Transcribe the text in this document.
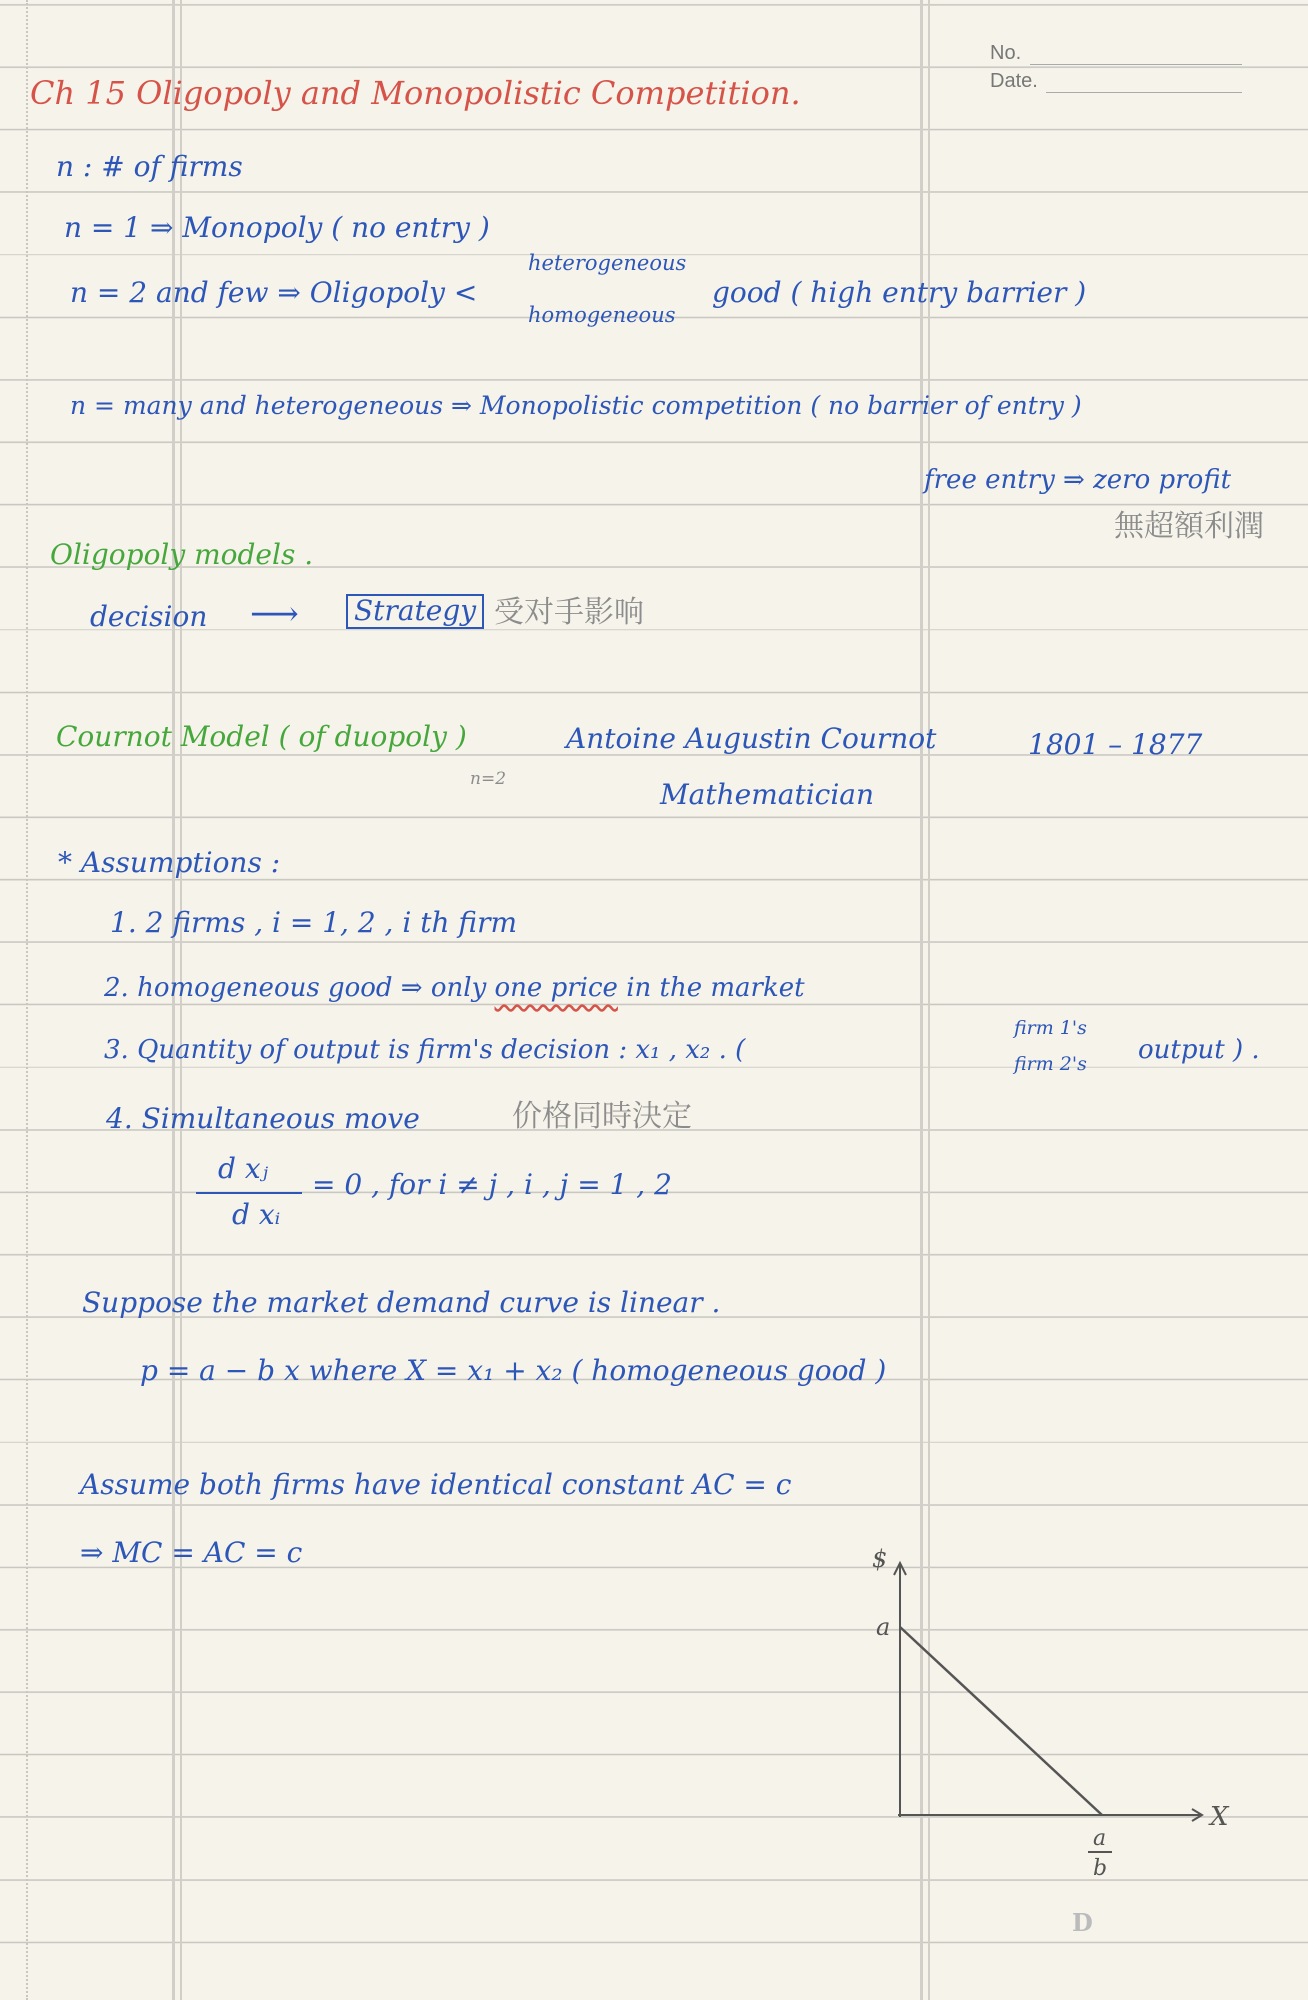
No.
Date.
Ch 15 Oligopoly and Monopolistic Competition.
n : # of firms
n = 1 ⇒ Monopoly ( no entry )
n = 2 and few ⇒ Oligopoly <
heterogeneous
homogeneous
good ( high entry barrier )
n = many and heterogeneous ⇒ Monopolistic competition ( no barrier of entry )
free entry ⇒ zero profit
無超額利潤
Oligopoly models .
decision ⟶ Strategy 受对手影响
Cournot Model ( of duopoly )
n=2
Antoine Augustin Cournot	1801 – 1877
Mathematician
* Assumptions :
1. 2 firms , i = 1, 2 , i th firm
2. homogeneous good ⇒ only one price in the market
3. Quantity of output is firm's decision : x₁ , x₂ . (
firm 1's
firm 2's output ) .
4. Simultaneous move	价格同時決定
d xⱼ
d xᵢ
= 0 , for i ≠ j , i , j = 1 , 2
Suppose the market demand curve is linear .
p = a − b x where X = x₁ + x₂ ( homogeneous good )
Assume both firms have identical constant AC = c
⇒ MC = AC = c	$
X
a
a
b
D
